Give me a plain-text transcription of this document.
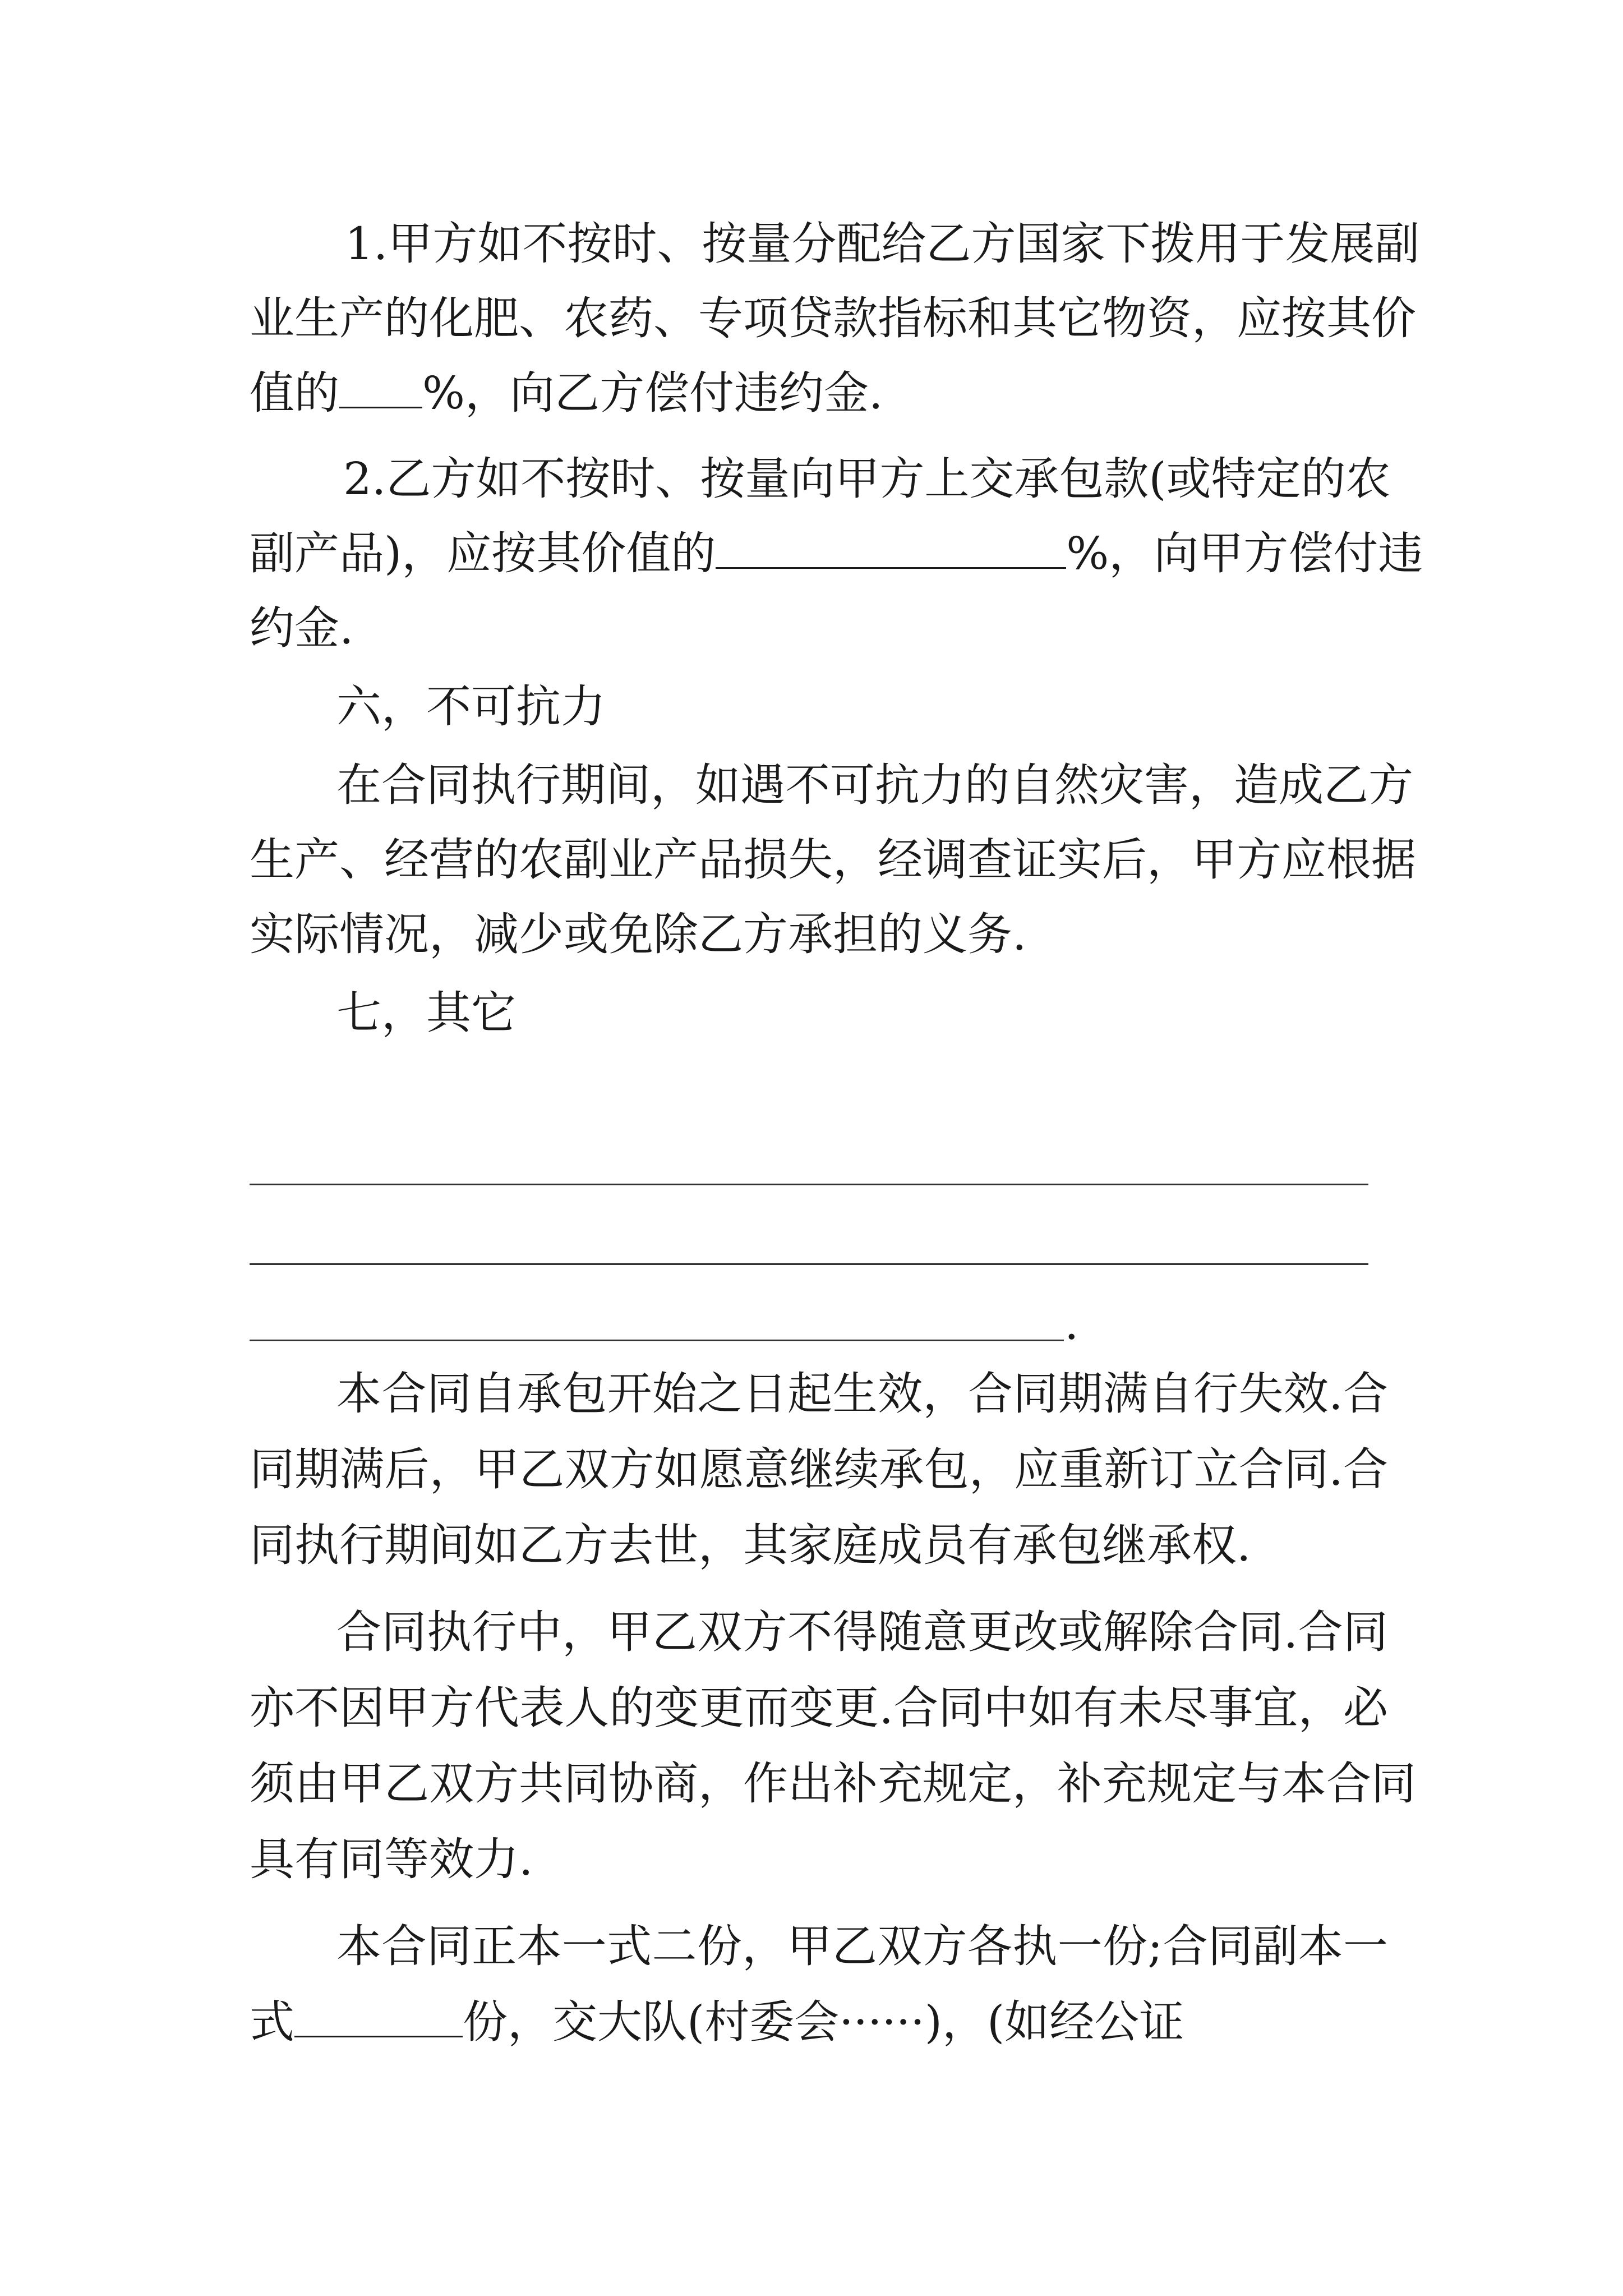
1.甲方如不按时、按量分配给乙方国家下拨用于发展副
业生产的化肥、农药、专项贷款指标和其它物资，应按其价
值的 %，向乙方偿付违约金.
2.乙方如不按时、按量向甲方上交承包款(或特定的农
副产品)，应按其价值的	%，向甲方偿付违
约金.
六，不可抗力
在合同执行期间，如遇不可抗力的自然灾害，造成乙方
生产、经营的农副业产品损失，经调查证实后，甲方应根据
实际情况，减少或免除乙方承担的义务.
七，其它
.
本合同自承包开始之日起生效，合同期满自行失效.合
同期满后，甲乙双方如愿意继续承包，应重新订立合同.合
同执行期间如乙方去世，其家庭成员有承包继承权.
合同执行中，甲乙双方不得随意更改或解除合同.合同
亦不因甲方代表人的变更而变更.合同中如有未尽事宜，必
须由甲乙双方共同协商，作出补充规定，补充规定与本合同
具有同等效力.
本合同正本一式二份，甲乙双方各执一份;合同副本一
式	份，交大队(村委会······)，(如经公证
